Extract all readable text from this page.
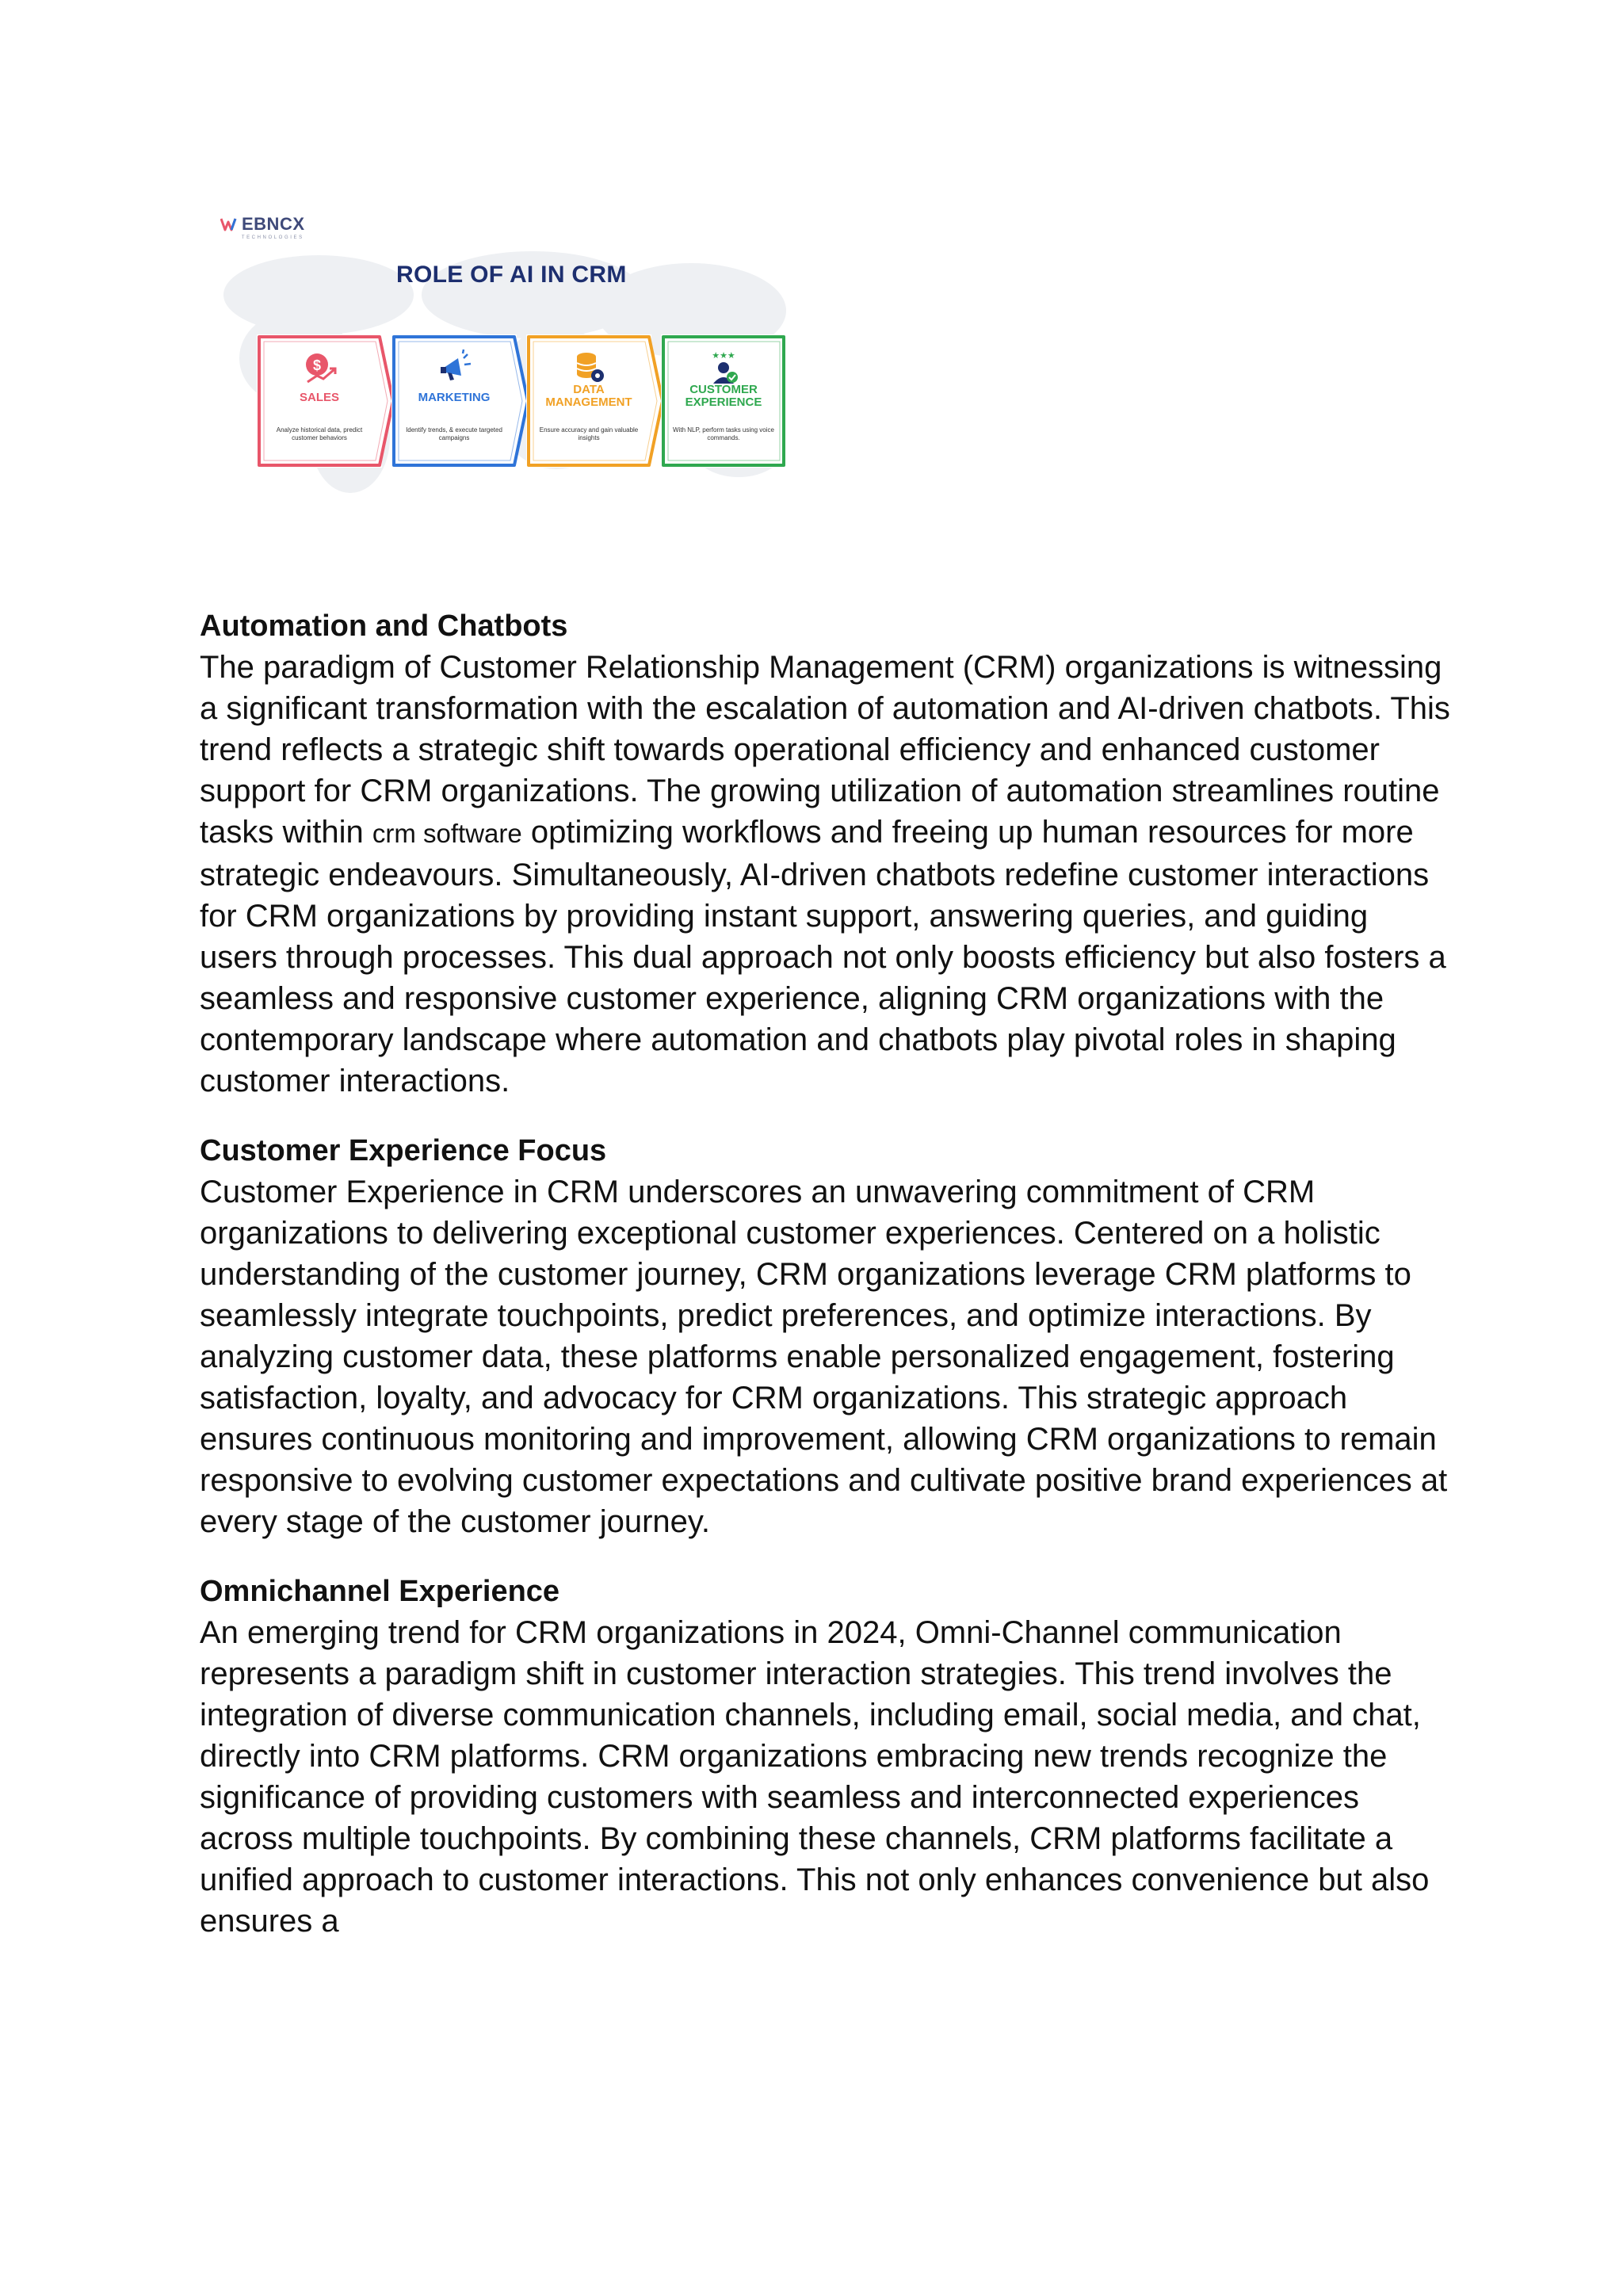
EBNCX
TECHNOLOGIES
ROLE OF AI IN CRM
$
SALES
Analyze historical data, predict customer behaviors
MARKETING
Identify trends, & execute targeted campaigns
DATA
MANAGEMENT
Ensure accuracy and gain valuable insights
★★★
CUSTOMER
EXPERIENCE
With NLP, perform tasks using voice commands.

Automation and Chatbots

The paradigm of Customer Relationship Management (CRM) organizations is witnessing a significant transformation with the escalation of automation and AI-driven chatbots. This trend reflects a strategic shift towards operational efficiency and enhanced customer support for CRM organizations. The growing utilization of automation streamlines routine tasks within crm software optimizing workflows and freeing up human resources for more strategic endeavours. Simultaneously, AI-driven chatbots redefine customer interactions for CRM organizations by providing instant support, answering queries, and guiding users through processes. This dual approach not only boosts efficiency but also fosters a seamless and responsive customer experience, aligning CRM organizations with the contemporary landscape where automation and chatbots play pivotal roles in shaping customer interactions.

Customer Experience Focus

Customer Experience in CRM underscores an unwavering commitment of CRM organizations to delivering exceptional customer experiences. Centered on a holistic understanding of the customer journey, CRM organizations leverage CRM platforms to seamlessly integrate touchpoints, predict preferences, and optimize interactions. By analyzing customer data, these platforms enable personalized engagement, fostering satisfaction, loyalty, and advocacy for CRM organizations. This strategic approach ensures continuous monitoring and improvement, allowing CRM organizations to remain responsive to evolving customer expectations and cultivate positive brand experiences at every stage of the customer journey.

Omnichannel Experience

An emerging trend for CRM organizations in 2024, Omni-Channel communication represents a paradigm shift in customer interaction strategies. This trend involves the integration of diverse communication channels, including email, social media, and chat, directly into CRM platforms. CRM organizations embracing new trends recognize the significance of providing customers with seamless and interconnected experiences across multiple touchpoints. By combining these channels, CRM platforms facilitate a unified approach to customer interactions. This not only enhances convenience but also ensures a
